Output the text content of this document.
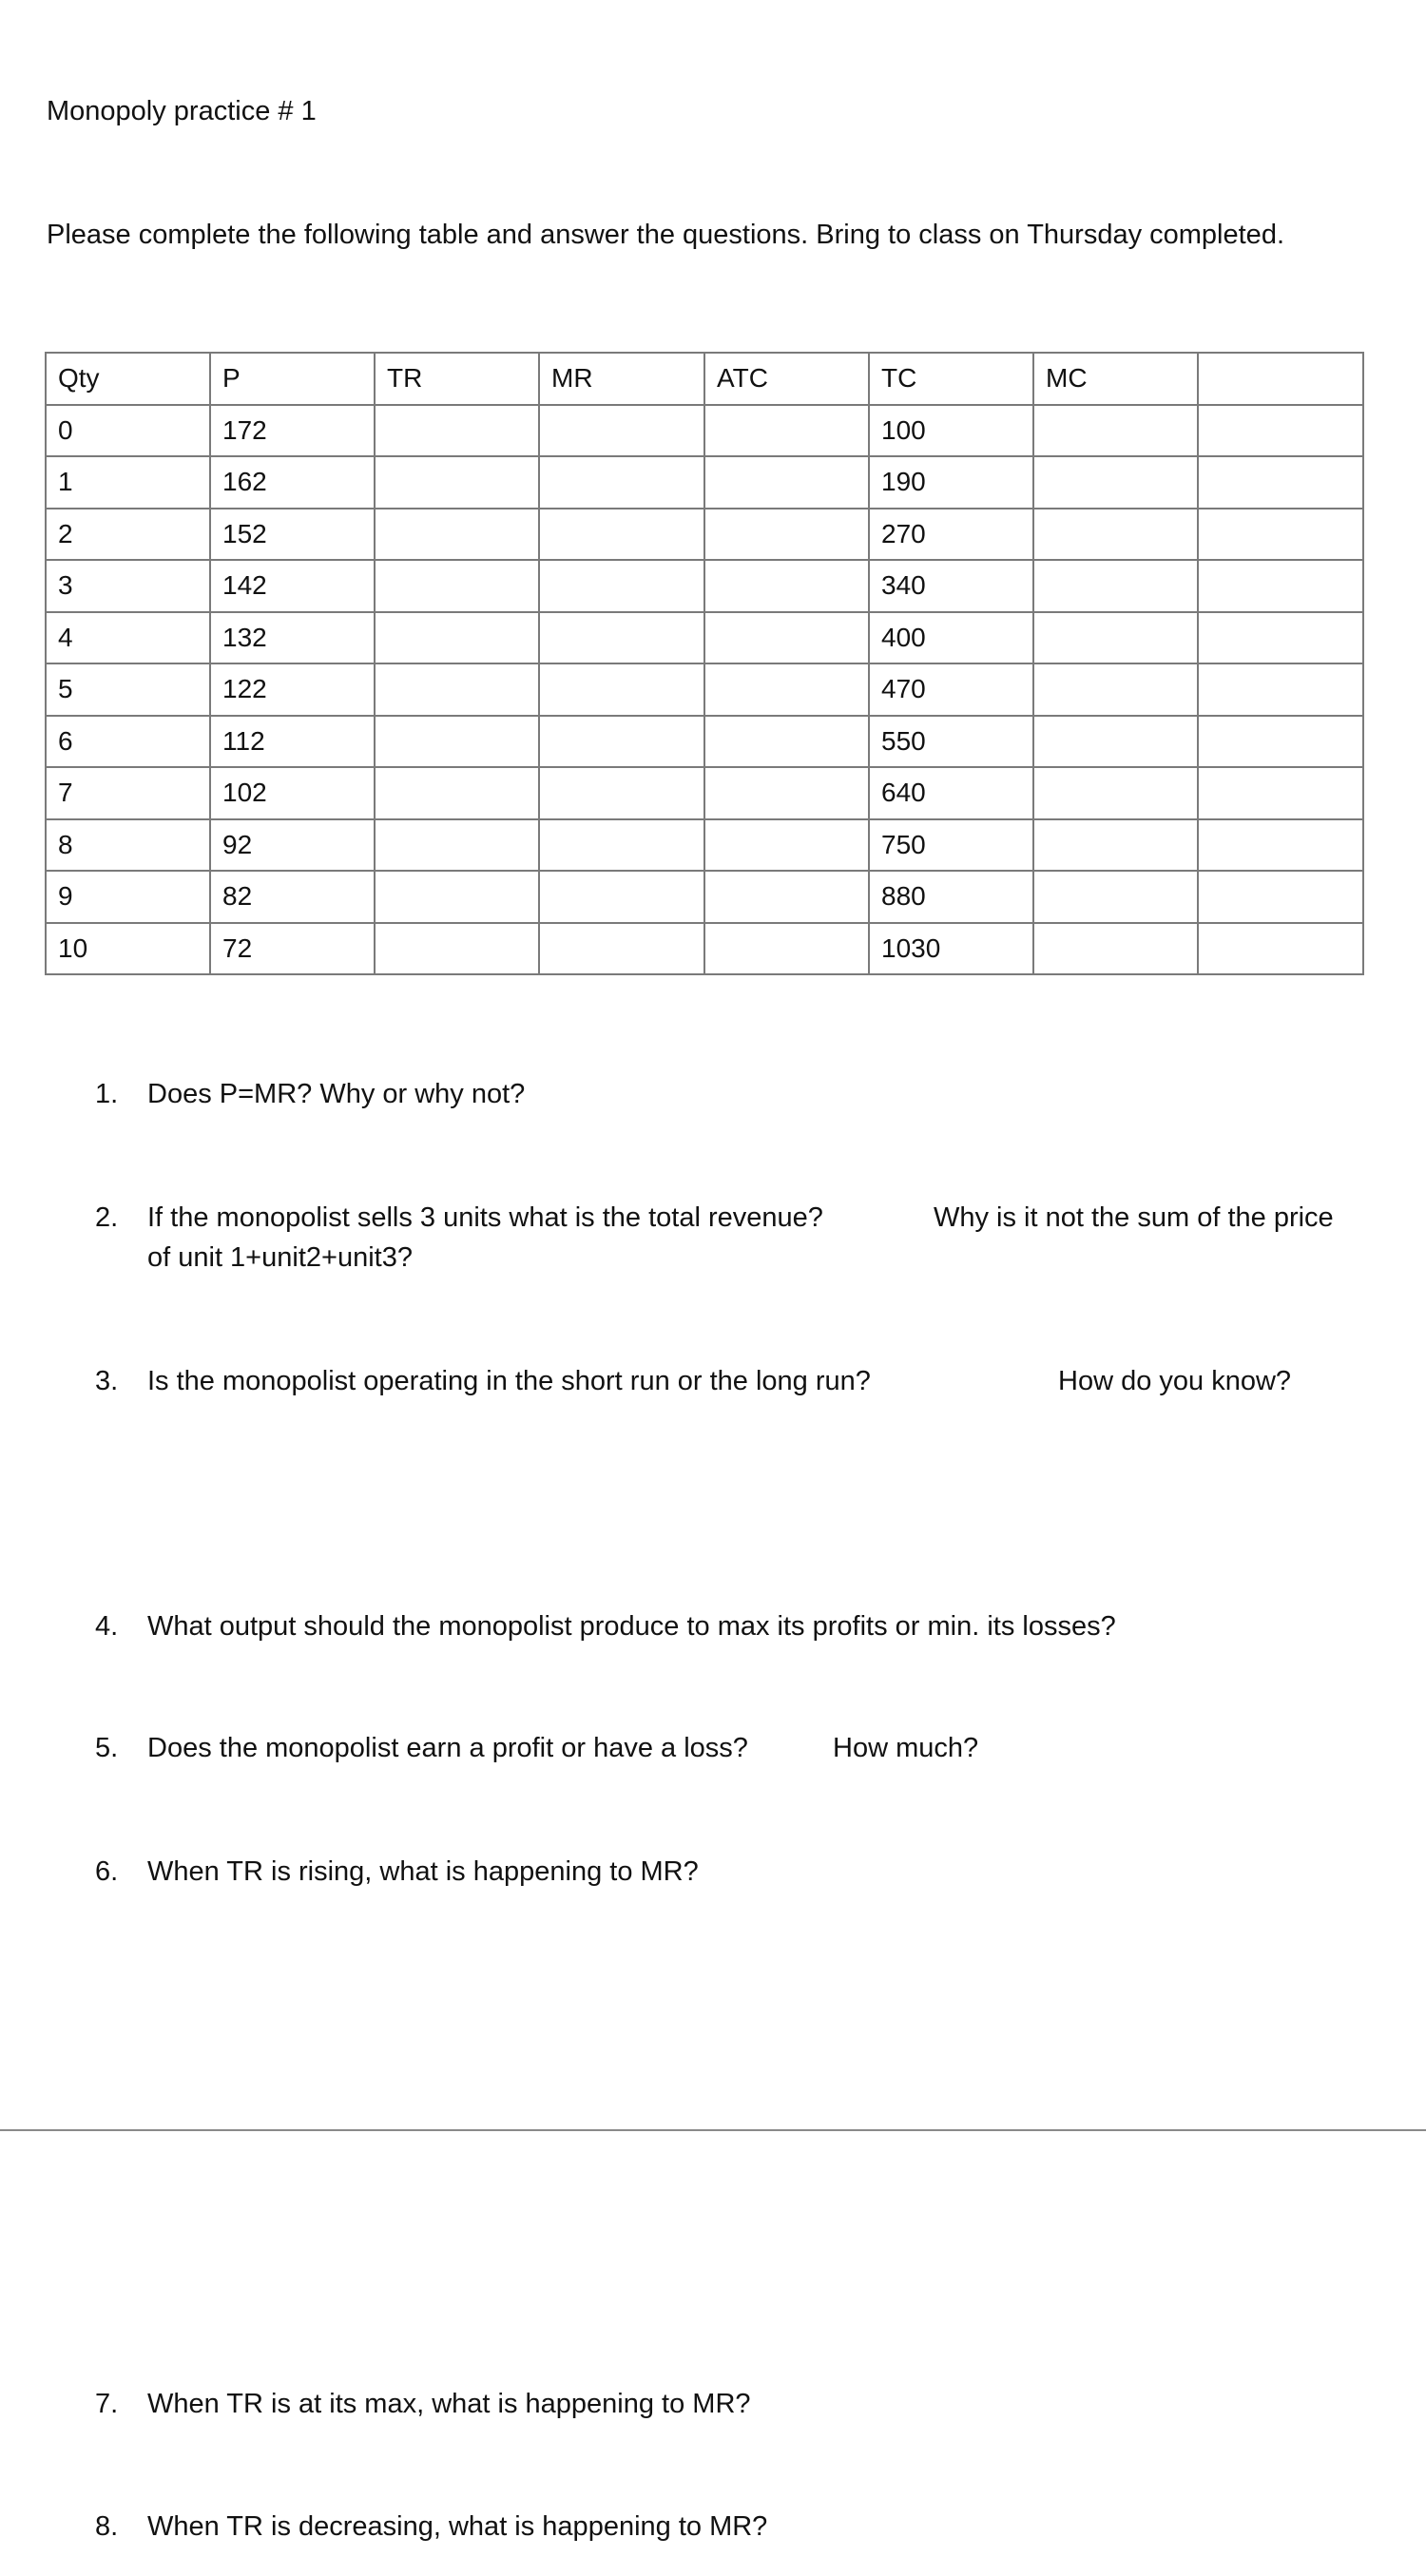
Monopoly practice # 1
Please complete the following table and answer the questions. Bring to class on Thursday completed.
Qty	P	TR	MR	ATC	TC	MC	
0	172				100		
1	162				190		
2	152				270		
3	142				340		
4	132				400		
5	122				470		
6	112				550		
7	102				640		
8	92				750		
9	82				880		
10	72				1030		
1.	Does P=MR? Why or why not?
2.	If the monopolist sells 3 units what is the total revenue?	Why is it not the sum of the price
of unit 1+unit2+unit3?
3.	Is the monopolist operating in the short run or the long run?	How do you know?
4.	What output should the monopolist produce to max its profits or min. its losses?
5.	Does the monopolist earn a profit or have a loss?	How much?
6.	When TR is rising, what is happening to MR?
7.	When TR is at its max, what is happening to MR?
8.	When TR is decreasing, what is happening to MR?
